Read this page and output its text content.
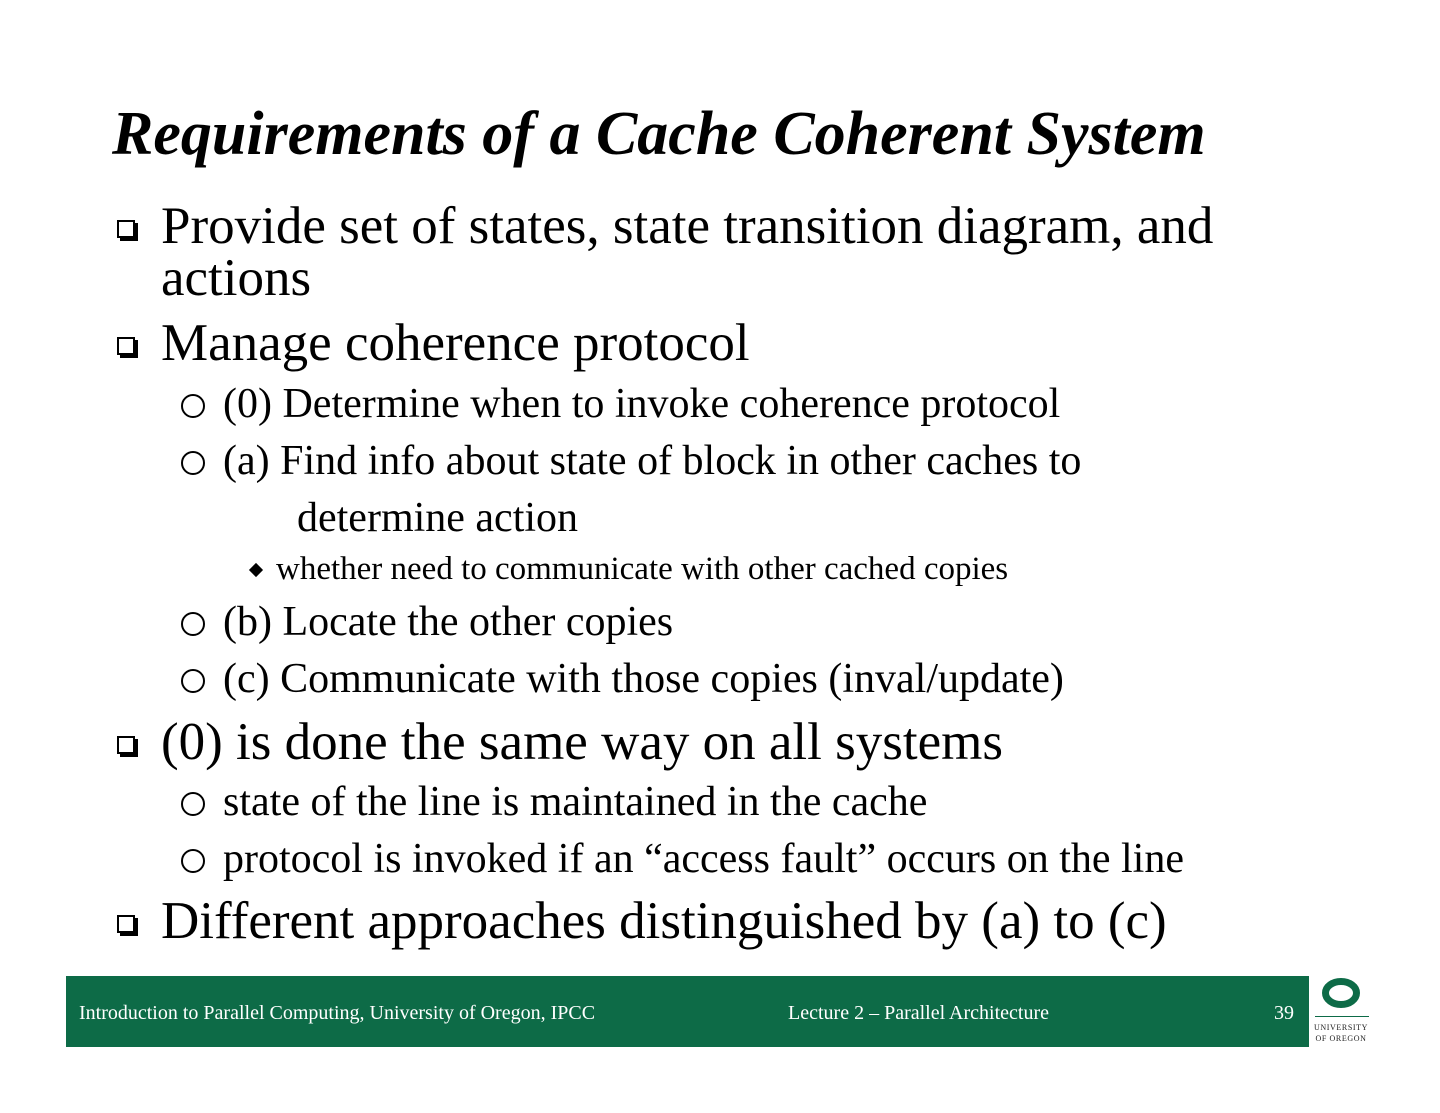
Requirements of a Cache Coherent System
Provide set of states, state transition diagram, and
actions
Manage coherence protocol
(0) Determine when to invoke coherence protocol
(a) Find info about state of block in other caches to
determine action
whether need to communicate with other cached copies
(b) Locate the other copies
(c) Communicate with those copies (inval/update)
(0) is done the same way on all systems
state of the line is maintained in the cache
protocol is invoked if an “access fault” occurs on the line
Different approaches distinguished by (a) to (c)
Introduction to Parallel Computing, University of Oregon, IPCC	Lecture 2 – Parallel Architecture	39
UNIVERSITY
OF OREGON
